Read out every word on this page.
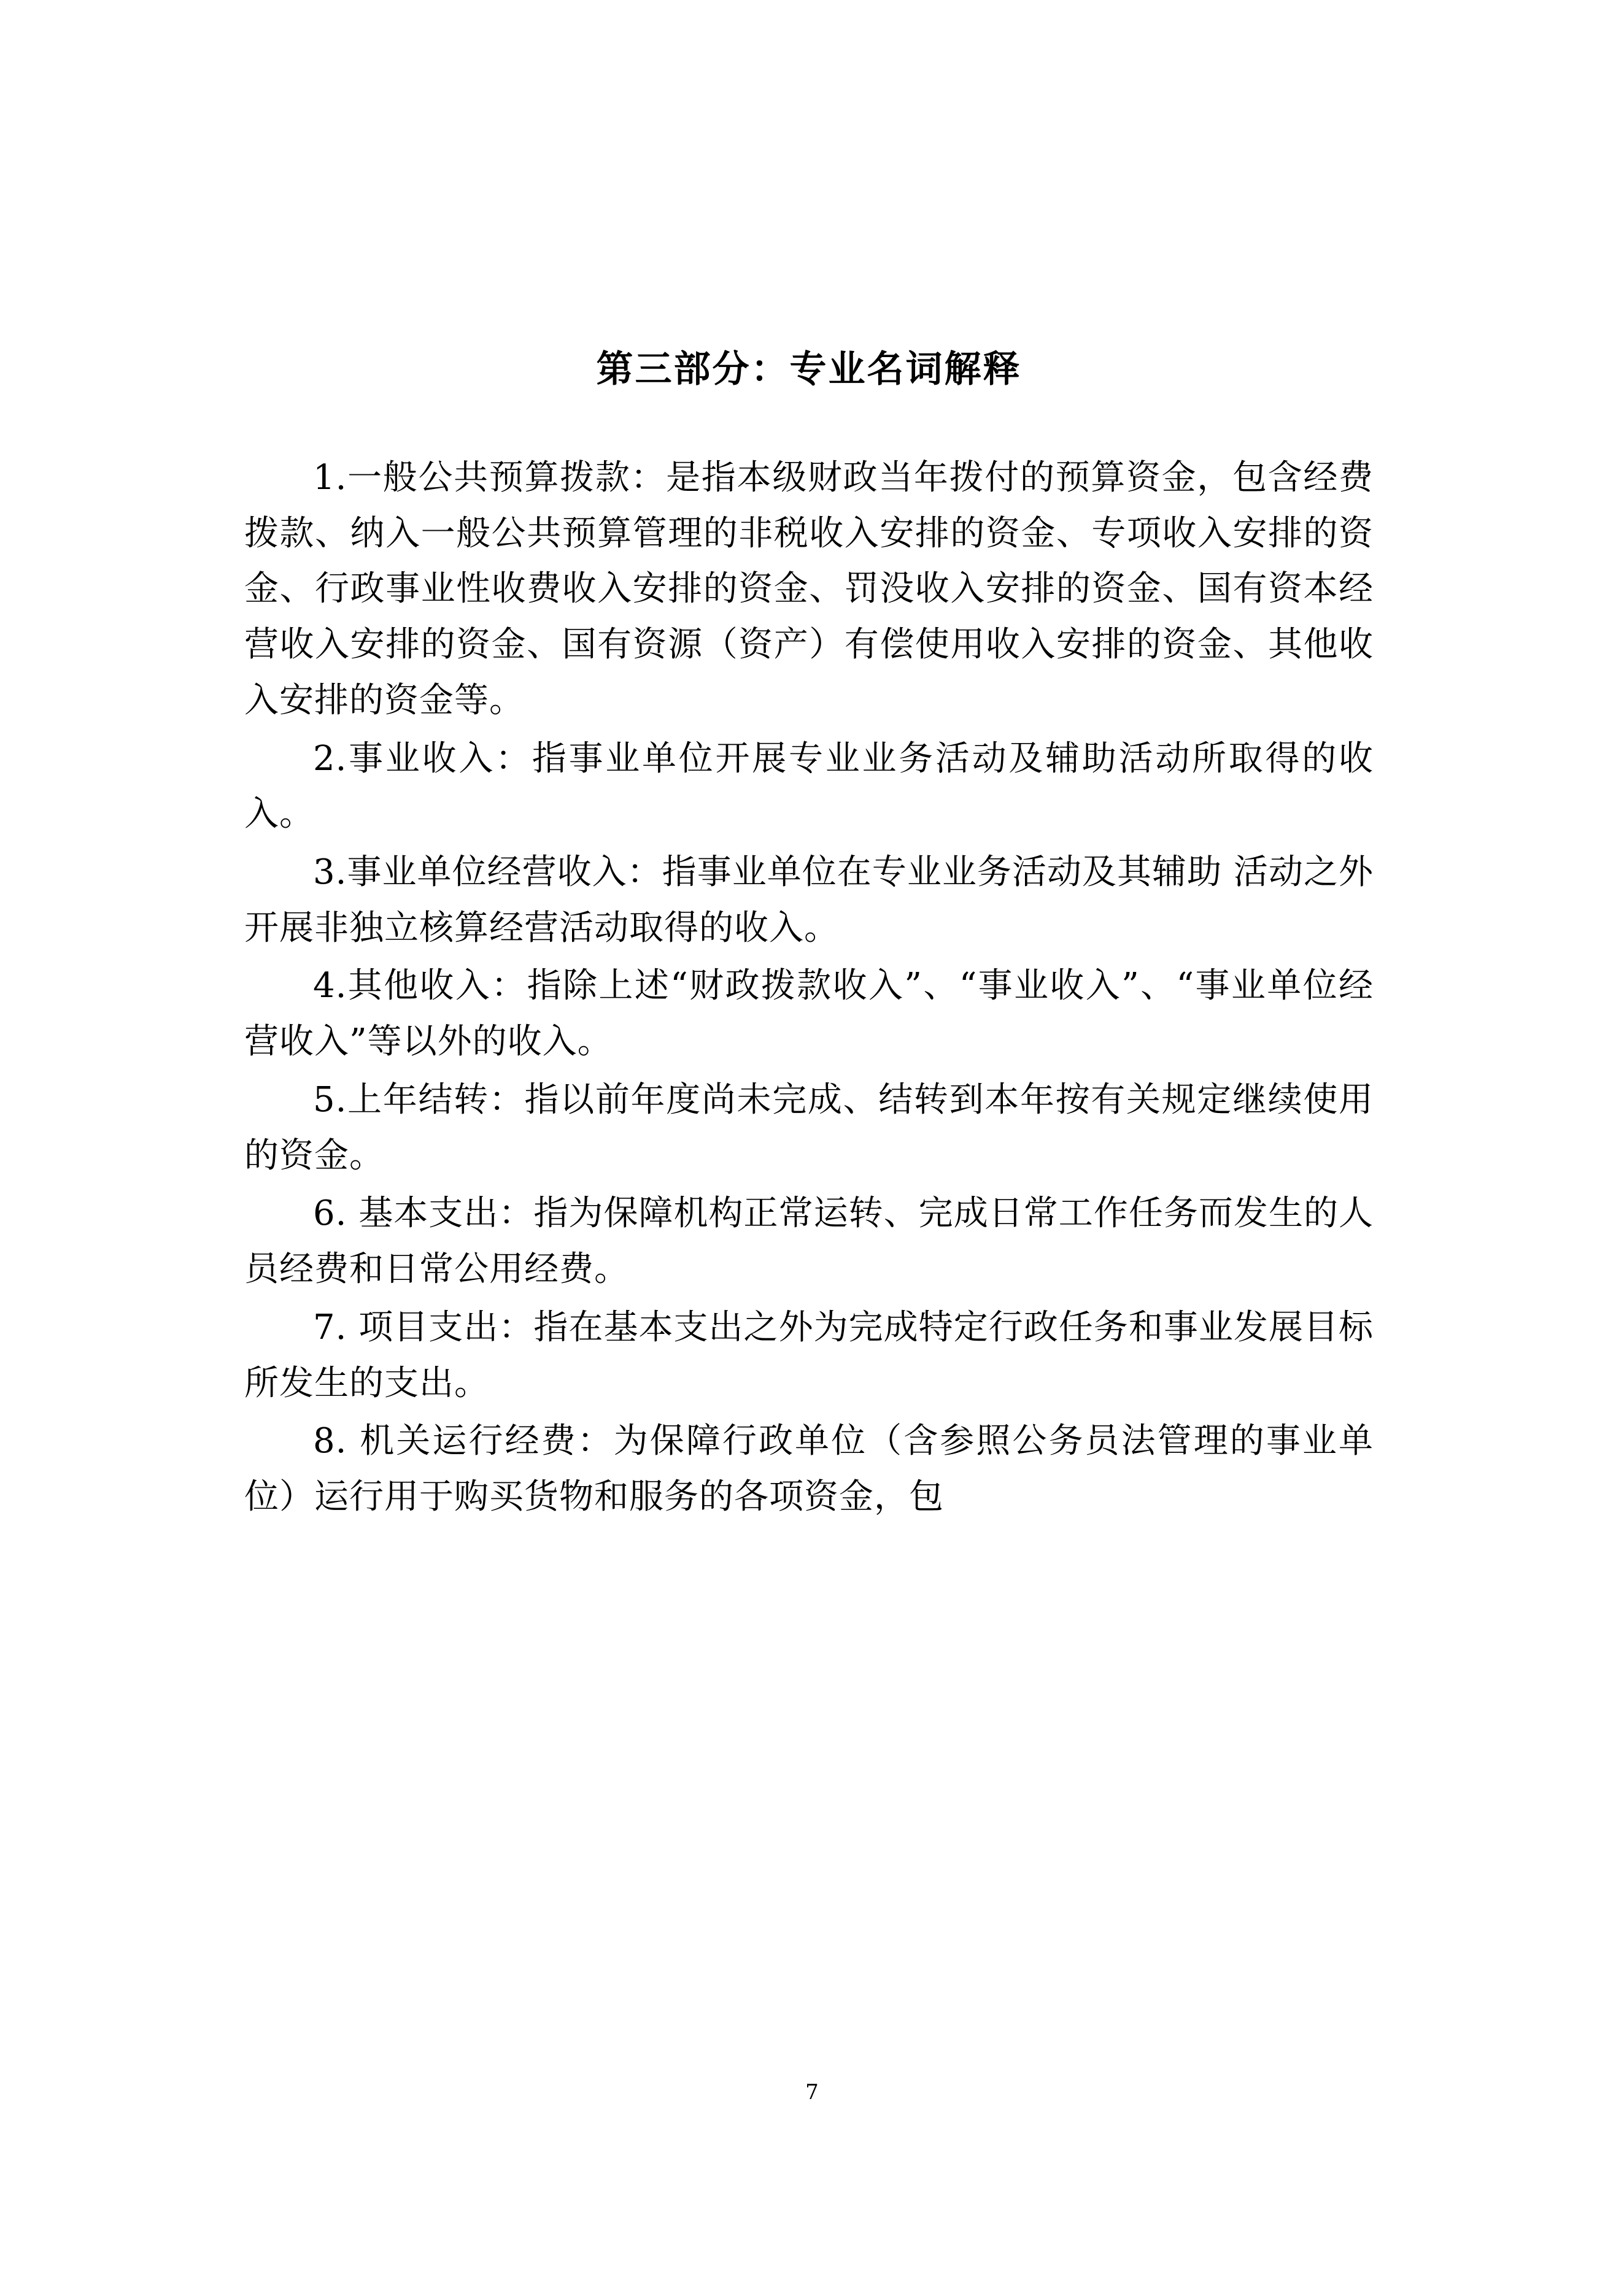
第三部分：专业名词解释

1.一般公共预算拨款：是指本级财政当年拨付的预算资金，包含经费拨款、纳入一般公共预算管理的非税收入安排的资金、专项收入安排的资金、行政事业性收费收入安排的资金、罚没收入安排的资金、国有资本经营收入安排的资金、国有资源（资产）有偿使用收入安排的资金、其他收入安排的资金等。

2.事业收入：指事业单位开展专业业务活动及辅助活动所取得的收入。

3.事业单位经营收入：指事业单位在专业业务活动及其辅助 活动之外开展非独立核算经营活动取得的收入。

4.其他收入：指除上述“财政拨款收入”、“事业收入”、“事业单位经营收入”等以外的收入。

5.上年结转：指以前年度尚未完成、结转到本年按有关规定继续使用的资金。

6. 基本支出：指为保障机构正常运转、完成日常工作任务而发生的人员经费和日常公用经费。

7. 项目支出：指在基本支出之外为完成特定行政任务和事业发展目标所发生的支出。

8. 机关运行经费：为保障行政单位（含参照公务员法管理的事业单位）运行用于购买货物和服务的各项资金，包

7
